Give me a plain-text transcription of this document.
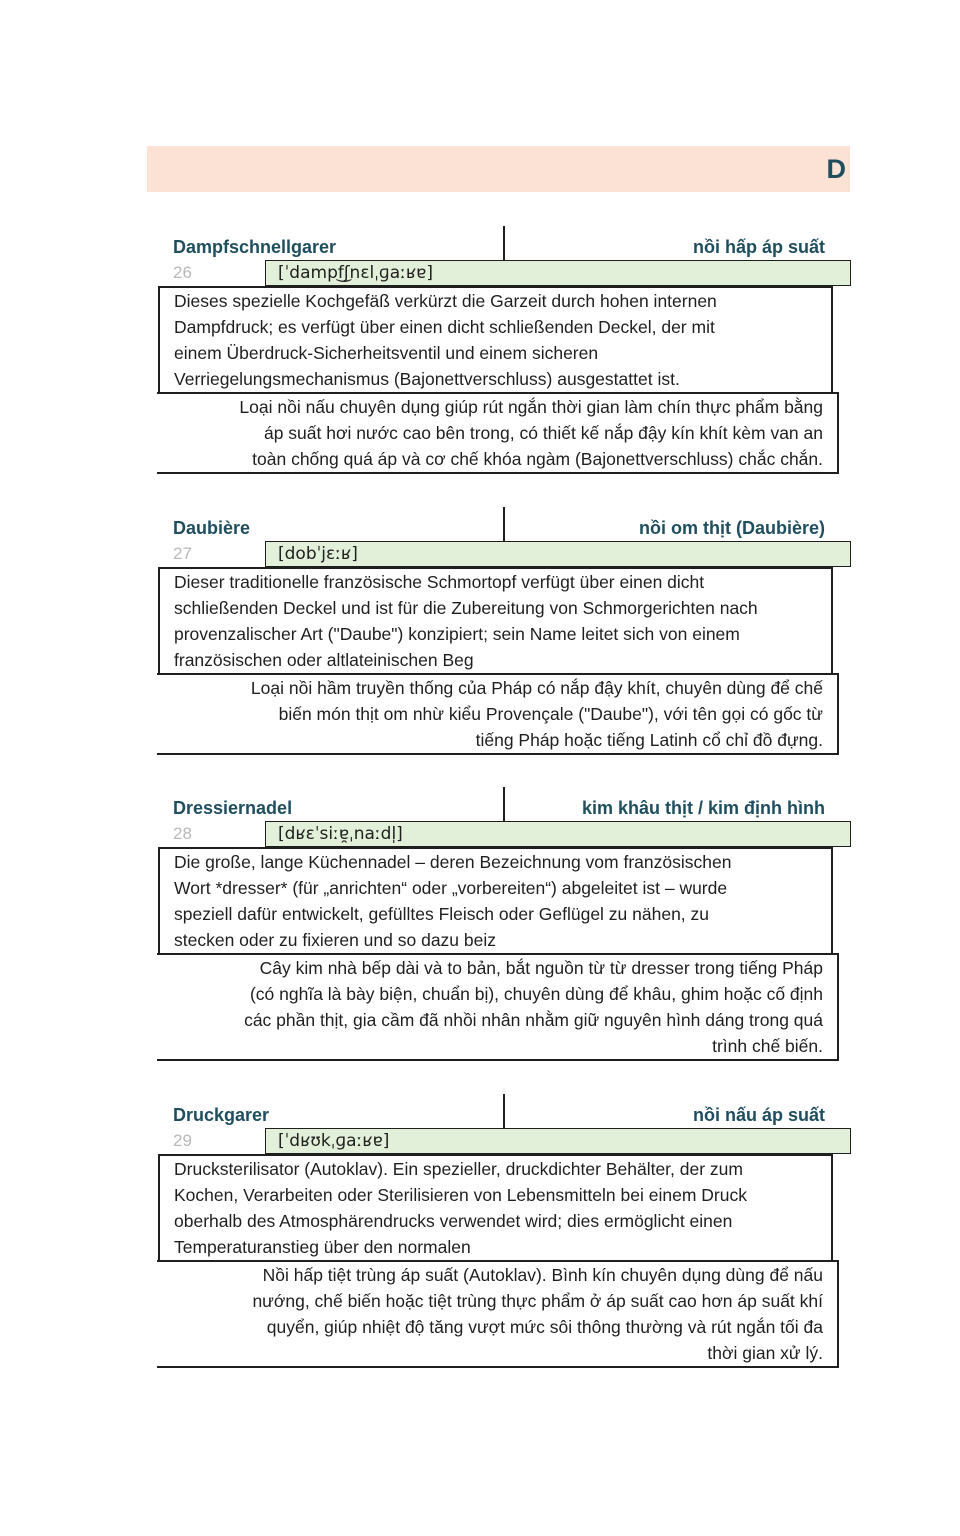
D
Dampfschnellgarer	nồi hấp áp suất
26	[ˈdampf͜ʃnɛlˌɡaːʁɐ]
Dieses spezielle Kochgefäß verkürzt die Garzeit durch hohen internen
Dampfdruck; es verfügt über einen dicht schließenden Deckel, der mit
einem Überdruck-Sicherheitsventil und einem sicheren
Verriegelungsmechanismus (Bajonettverschluss) ausgestattet ist.
Loại nồi nấu chuyên dụng giúp rút ngắn thời gian làm chín thực phẩm bằng
áp suất hơi nước cao bên trong, có thiết kế nắp đậy kín khít kèm van an
toàn chống quá áp và cơ chế khóa ngàm (Bajonettverschluss) chắc chắn.
Daubière	nồi om thịt (Daubière)
27	[dobˈjɛːʁ]
Dieser traditionelle französische Schmortopf verfügt über einen dicht
schließenden Deckel und ist für die Zubereitung von Schmorgerichten nach
provenzalischer Art ("Daube") konzipiert; sein Name leitet sich von einem
französischen oder altlateinischen Beg
Loại nồi hầm truyền thống của Pháp có nắp đậy khít, chuyên dùng để chế
biến món thịt om nhừ kiểu Provençale ("Daube"), với tên gọi có gốc từ
tiếng Pháp hoặc tiếng Latinh cổ chỉ đồ đựng.
Dressiernadel	kim khâu thịt / kim định hình
28	[dʁɛˈsiːɐ̯ˌnaːdl̩]
Die große, lange Küchennadel – deren Bezeichnung vom französischen
Wort *dresser* (für „anrichten“ oder „vorbereiten“) abgeleitet ist – wurde
speziell dafür entwickelt, gefülltes Fleisch oder Geflügel zu nähen, zu
stecken oder zu fixieren und so dazu beiz
Cây kim nhà bếp dài và to bản, bắt nguồn từ từ dresser trong tiếng Pháp
(có nghĩa là bày biện, chuẩn bị), chuyên dùng để khâu, ghim hoặc cố định
các phần thịt, gia cầm đã nhồi nhân nhằm giữ nguyên hình dáng trong quá
trình chế biến.
Druckgarer	nồi nấu áp suất
29	[ˈdʁʊkˌɡaːʁɐ]
Drucksterilisator (Autoklav). Ein spezieller, druckdichter Behälter, der zum
Kochen, Verarbeiten oder Sterilisieren von Lebensmitteln bei einem Druck
oberhalb des Atmosphärendrucks verwendet wird; dies ermöglicht einen
Temperaturanstieg über den normalen
Nồi hấp tiệt trùng áp suất (Autoklav). Bình kín chuyên dụng dùng để nấu
nướng, chế biến hoặc tiệt trùng thực phẩm ở áp suất cao hơn áp suất khí
quyển, giúp nhiệt độ tăng vượt mức sôi thông thường và rút ngắn tối đa
thời gian xử lý.
